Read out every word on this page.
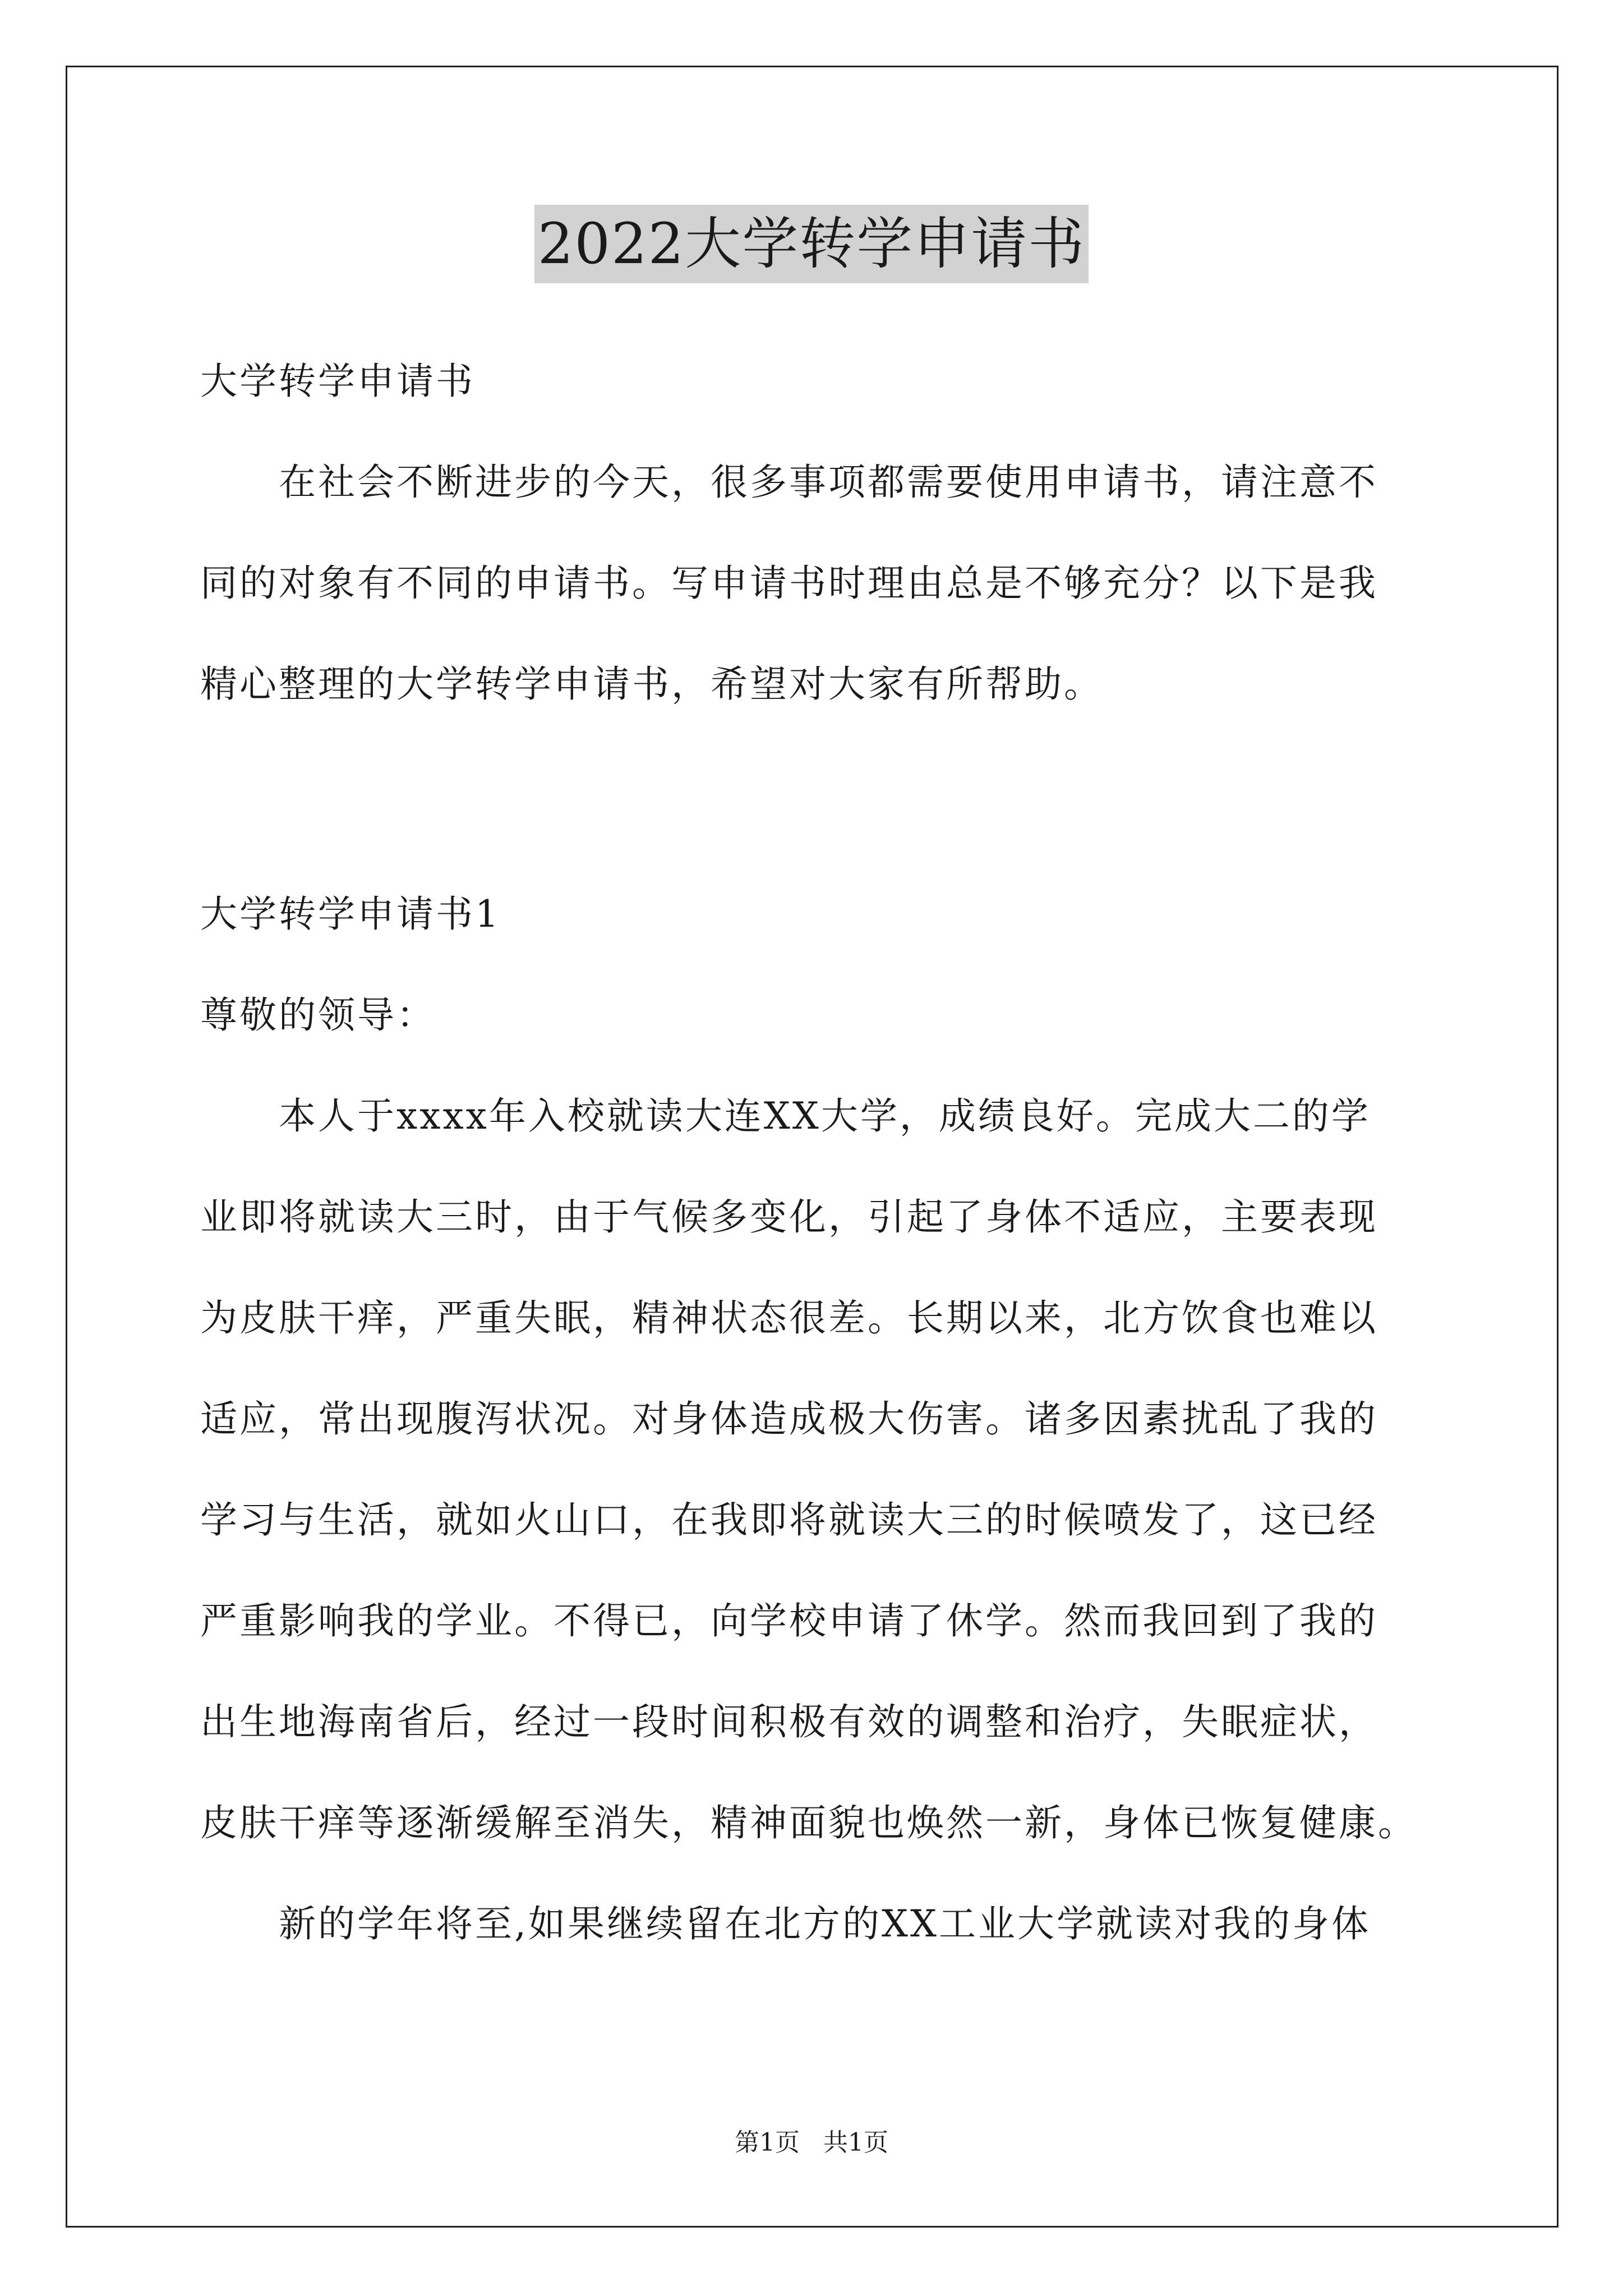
2022大学转学申请书
大学转学申请书
在社会不断进步的今天，很多事项都需要使用申请书，请注意不
同的对象有不同的申请书。写申请书时理由总是不够充分？以下是我
精心整理的大学转学申请书，希望对大家有所帮助。
大学转学申请书1
尊敬的领导：
本人于xxxx年入校就读大连XX大学，成绩良好。完成大二的学
业即将就读大三时，由于气候多变化，引起了身体不适应，主要表现
为皮肤干痒，严重失眠，精神状态很差。长期以来，北方饮食也难以
适应，常出现腹泻状况。对身体造成极大伤害。诸多因素扰乱了我的
学习与生活，就如火山口，在我即将就读大三的时候喷发了，这已经
严重影响我的学业。不得已，向学校申请了休学。然而我回到了我的
出生地海南省后，经过一段时间积极有效的调整和治疗，失眠症状，
皮肤干痒等逐渐缓解至消失，精神面貌也焕然一新，身体已恢复健康。
新的学年将至,如果继续留在北方的XX工业大学就读对我的身体
第1页 共1页
